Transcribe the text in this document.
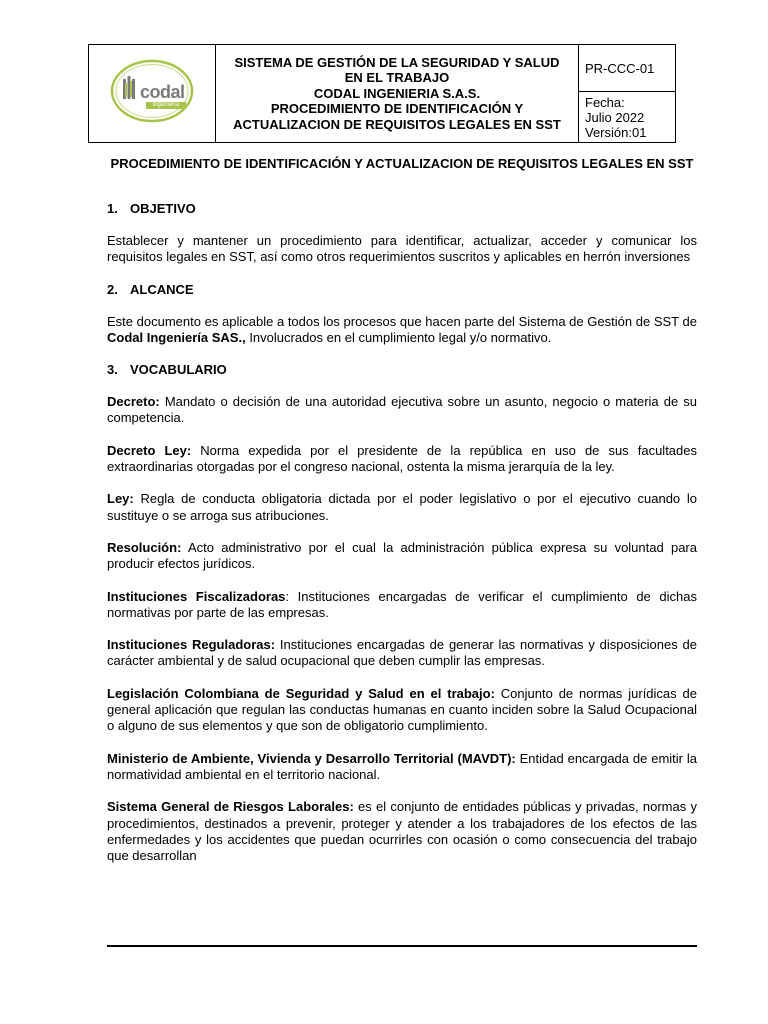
codal
ingeniería

SISTEMA DE GESTIÓN DE LA SEGURIDAD Y SALUD
EN EL TRABAJO
CODAL INGENIERIA S.A.S.
PROCEDIMIENTO DE IDENTIFICACIÓN Y
ACTUALIZACION DE REQUISITOS LEGALES EN SST
	PR-CCC-01

Fecha:
Julio 2022
Versión:01

PROCEDIMIENTO DE IDENTIFICACIÓN Y ACTUALIZACION DE REQUISITOS LEGALES EN SST

1. OBJETIVO

Establecer y mantener un procedimiento para identificar, actualizar, acceder y comunicar los requisitos legales en SST, así como otros requerimientos suscritos y aplicables en herrón inversiones

2. ALCANCE

Este documento es aplicable a todos los procesos que hacen parte del Sistema de Gestión de SST de Codal Ingeniería SAS., Involucrados en el cumplimiento legal y/o normativo.

3. VOCABULARIO

Decreto: Mandato o decisión de una autoridad ejecutiva sobre un asunto, negocio o materia de su competencia.

Decreto Ley: Norma expedida por el presidente de la república en uso de sus facultades extraordinarias otorgadas por el congreso nacional, ostenta la misma jerarquía de la ley.

Ley: Regla de conducta obligatoria dictada por el poder legislativo o por el ejecutivo cuando lo sustituye o se arroga sus atribuciones.

Resolución: Acto administrativo por el cual la administración pública expresa su voluntad para producir efectos jurídicos.

Instituciones Fiscalizadoras: Instituciones encargadas de verificar el cumplimiento de dichas normativas por parte de las empresas.

Instituciones Reguladoras: Instituciones encargadas de generar las normativas y disposiciones de carácter ambiental y de salud ocupacional que deben cumplir las empresas.

Legislación Colombiana de Seguridad y Salud en el trabajo: Conjunto de normas jurídicas de general aplicación que regulan las conductas humanas en cuanto inciden sobre la Salud Ocupacional o alguno de sus elementos y que son de obligatorio cumplimiento.

Ministerio de Ambiente, Vivienda y Desarrollo Territorial (MAVDT): Entidad encargada de emitir la normatividad ambiental en el territorio nacional.

Sistema General de Riesgos Laborales: es el conjunto de entidades públicas y privadas, normas y procedimientos, destinados a prevenir, proteger y atender a los trabajadores de los efectos de las enfermedades y los accidentes que puedan ocurrirles con ocasión o como consecuencia del trabajo que desarrollan
